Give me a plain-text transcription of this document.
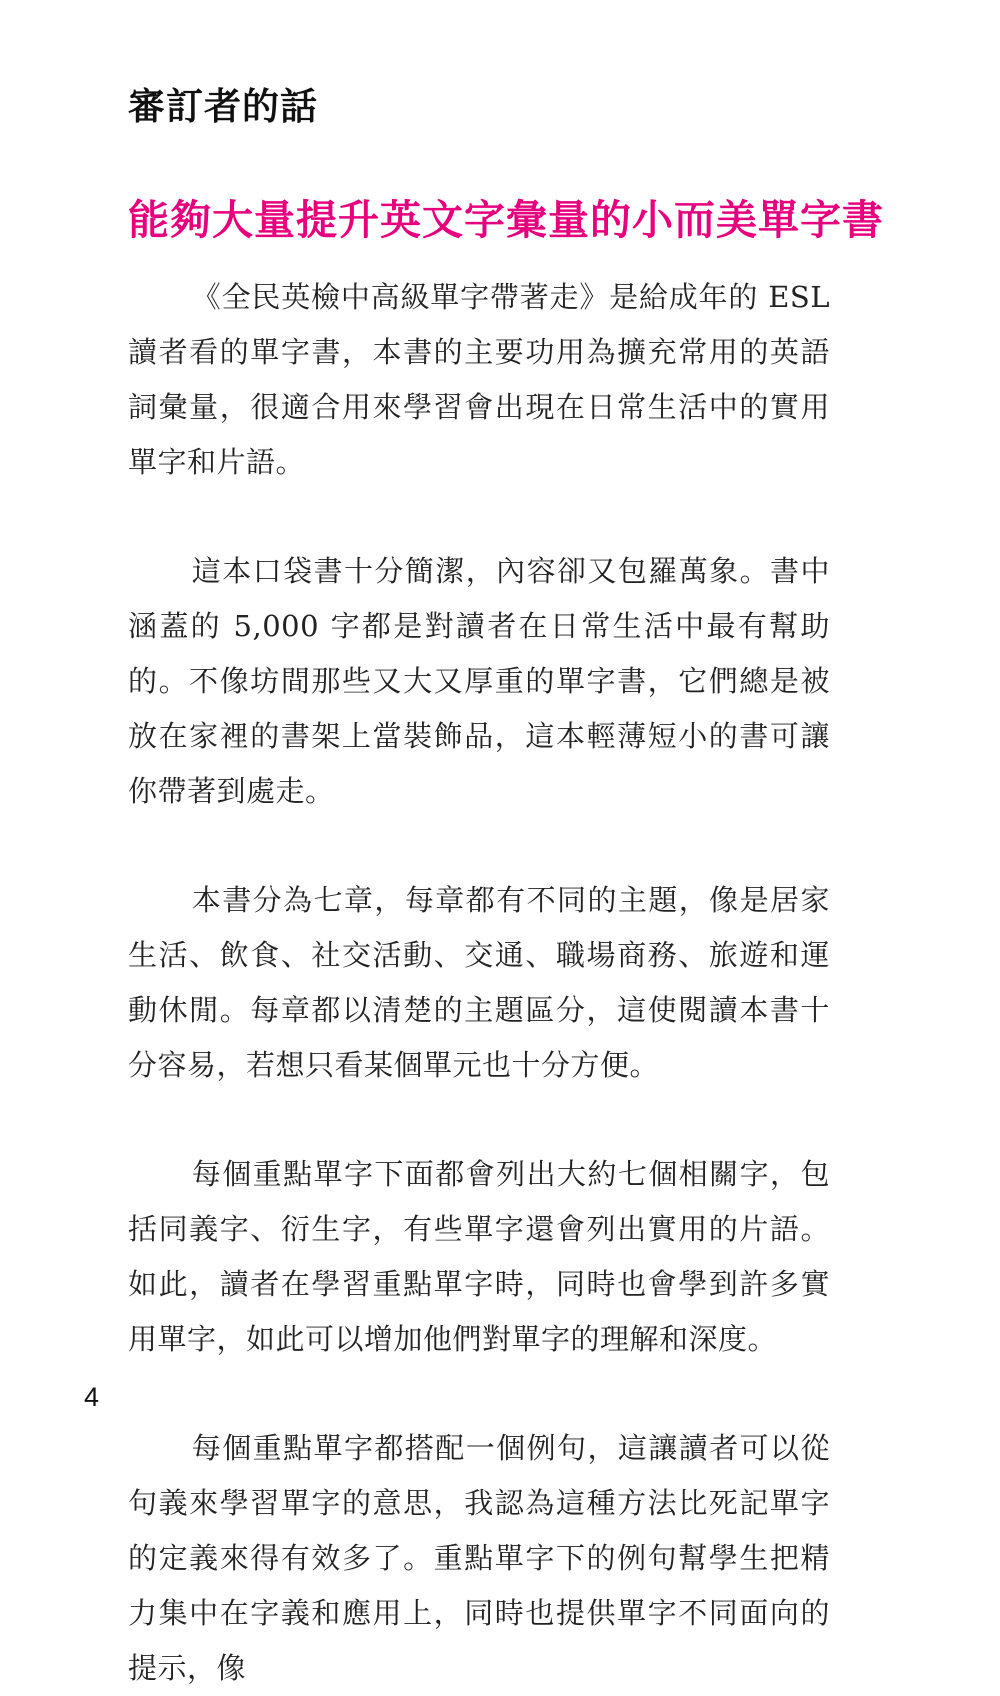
審訂者的話
能夠大量提升英文字彙量的小而美單字書

《全民英檢中高級單字帶著走》是給成年的 ESL 讀者看的單字書，本書的主要功用為擴充常用的英語詞彙量，很適合用來學習會出現在日常生活中的實用單字和片語。

這本口袋書十分簡潔，內容卻又包羅萬象。書中涵蓋的 5,000 字都是對讀者在日常生活中最有幫助的。不像坊間那些又大又厚重的單字書，它們總是被放在家裡的書架上當裝飾品，這本輕薄短小的書可讓你帶著到處走。

本書分為七章，每章都有不同的主題，像是居家生活、飲食、社交活動、交通、職場商務、旅遊和運動休閒。每章都以清楚的主題區分，這使閱讀本書十分容易，若想只看某個單元也十分方便。

每個重點單字下面都會列出大約七個相關字，包括同義字、衍生字，有些單字還會列出實用的片語。如此，讀者在學習重點單字時，同時也會學到許多實用單字，如此可以增加他們對單字的理解和深度。

每個重點單字都搭配一個例句，這讓讀者可以從句義來學習單字的意思，我認為這種方法比死記單字的定義來得有效多了。重點單字下的例句幫學生把精力集中在字義和應用上，同時也提供單字不同面向的提示，像

4
